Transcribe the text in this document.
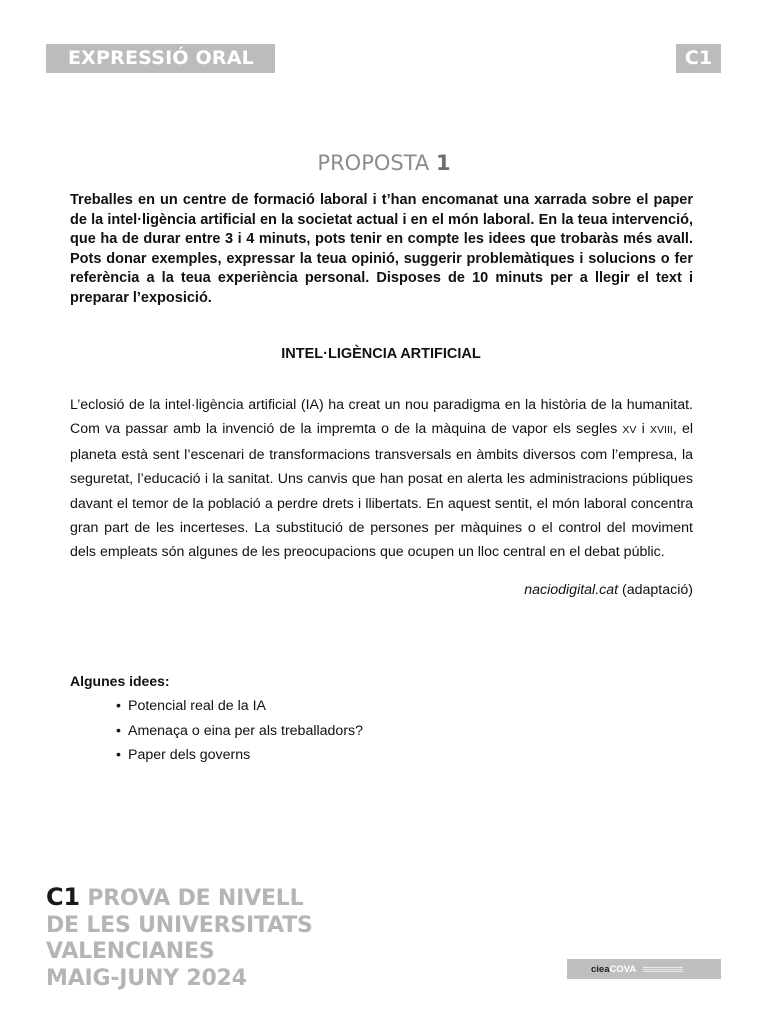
EXPRESSIÓ ORAL	C1
PROPOSTA 1

Treballes en un centre de formació laboral i t’han encomanat una xarrada sobre el paper de la intel·ligència artificial en la societat actual i en el món laboral. En la teua intervenció, que ha de durar entre 3 i 4 minuts, pots tenir en compte les idees que trobaràs més avall. Pots donar exemples, expressar la teua opinió, suggerir problemàtiques i solucions o fer referència a la teua experiència personal. Disposes de 10 minuts per a llegir el text i preparar l’exposició.

INTEL·LIGÈNCIA ARTIFICIAL

L’eclosió de la intel·ligència artificial (IA) ha creat un nou paradigma en la història de la humanitat. Com va passar amb la invenció de la impremta o de la màquina de vapor els segles XV i XVIII, el planeta està sent l’escenari de transformacions transversals en àmbits diversos com l’empresa, la seguretat, l’educació i la sanitat. Uns canvis que han posat en alerta les administracions públiques davant el temor de la població a perdre drets i llibertats. En aquest sentit, el món laboral concentra gran part de les incerteses. La substitució de persones per màquines o el control del moviment dels empleats són algunes de les preocupacions que ocupen un lloc central en el debat públic.

naciodigital.cat (adaptació)
Algunes idees:
• Potencial real de la IA
• Amenaça o eina per als treballadors?
• Paper dels governs
C1 PROVA DE NIVELL
DE LES UNIVERSITATS
VALENCIANES
MAIG-JUNY 2024	cieaCOVA
